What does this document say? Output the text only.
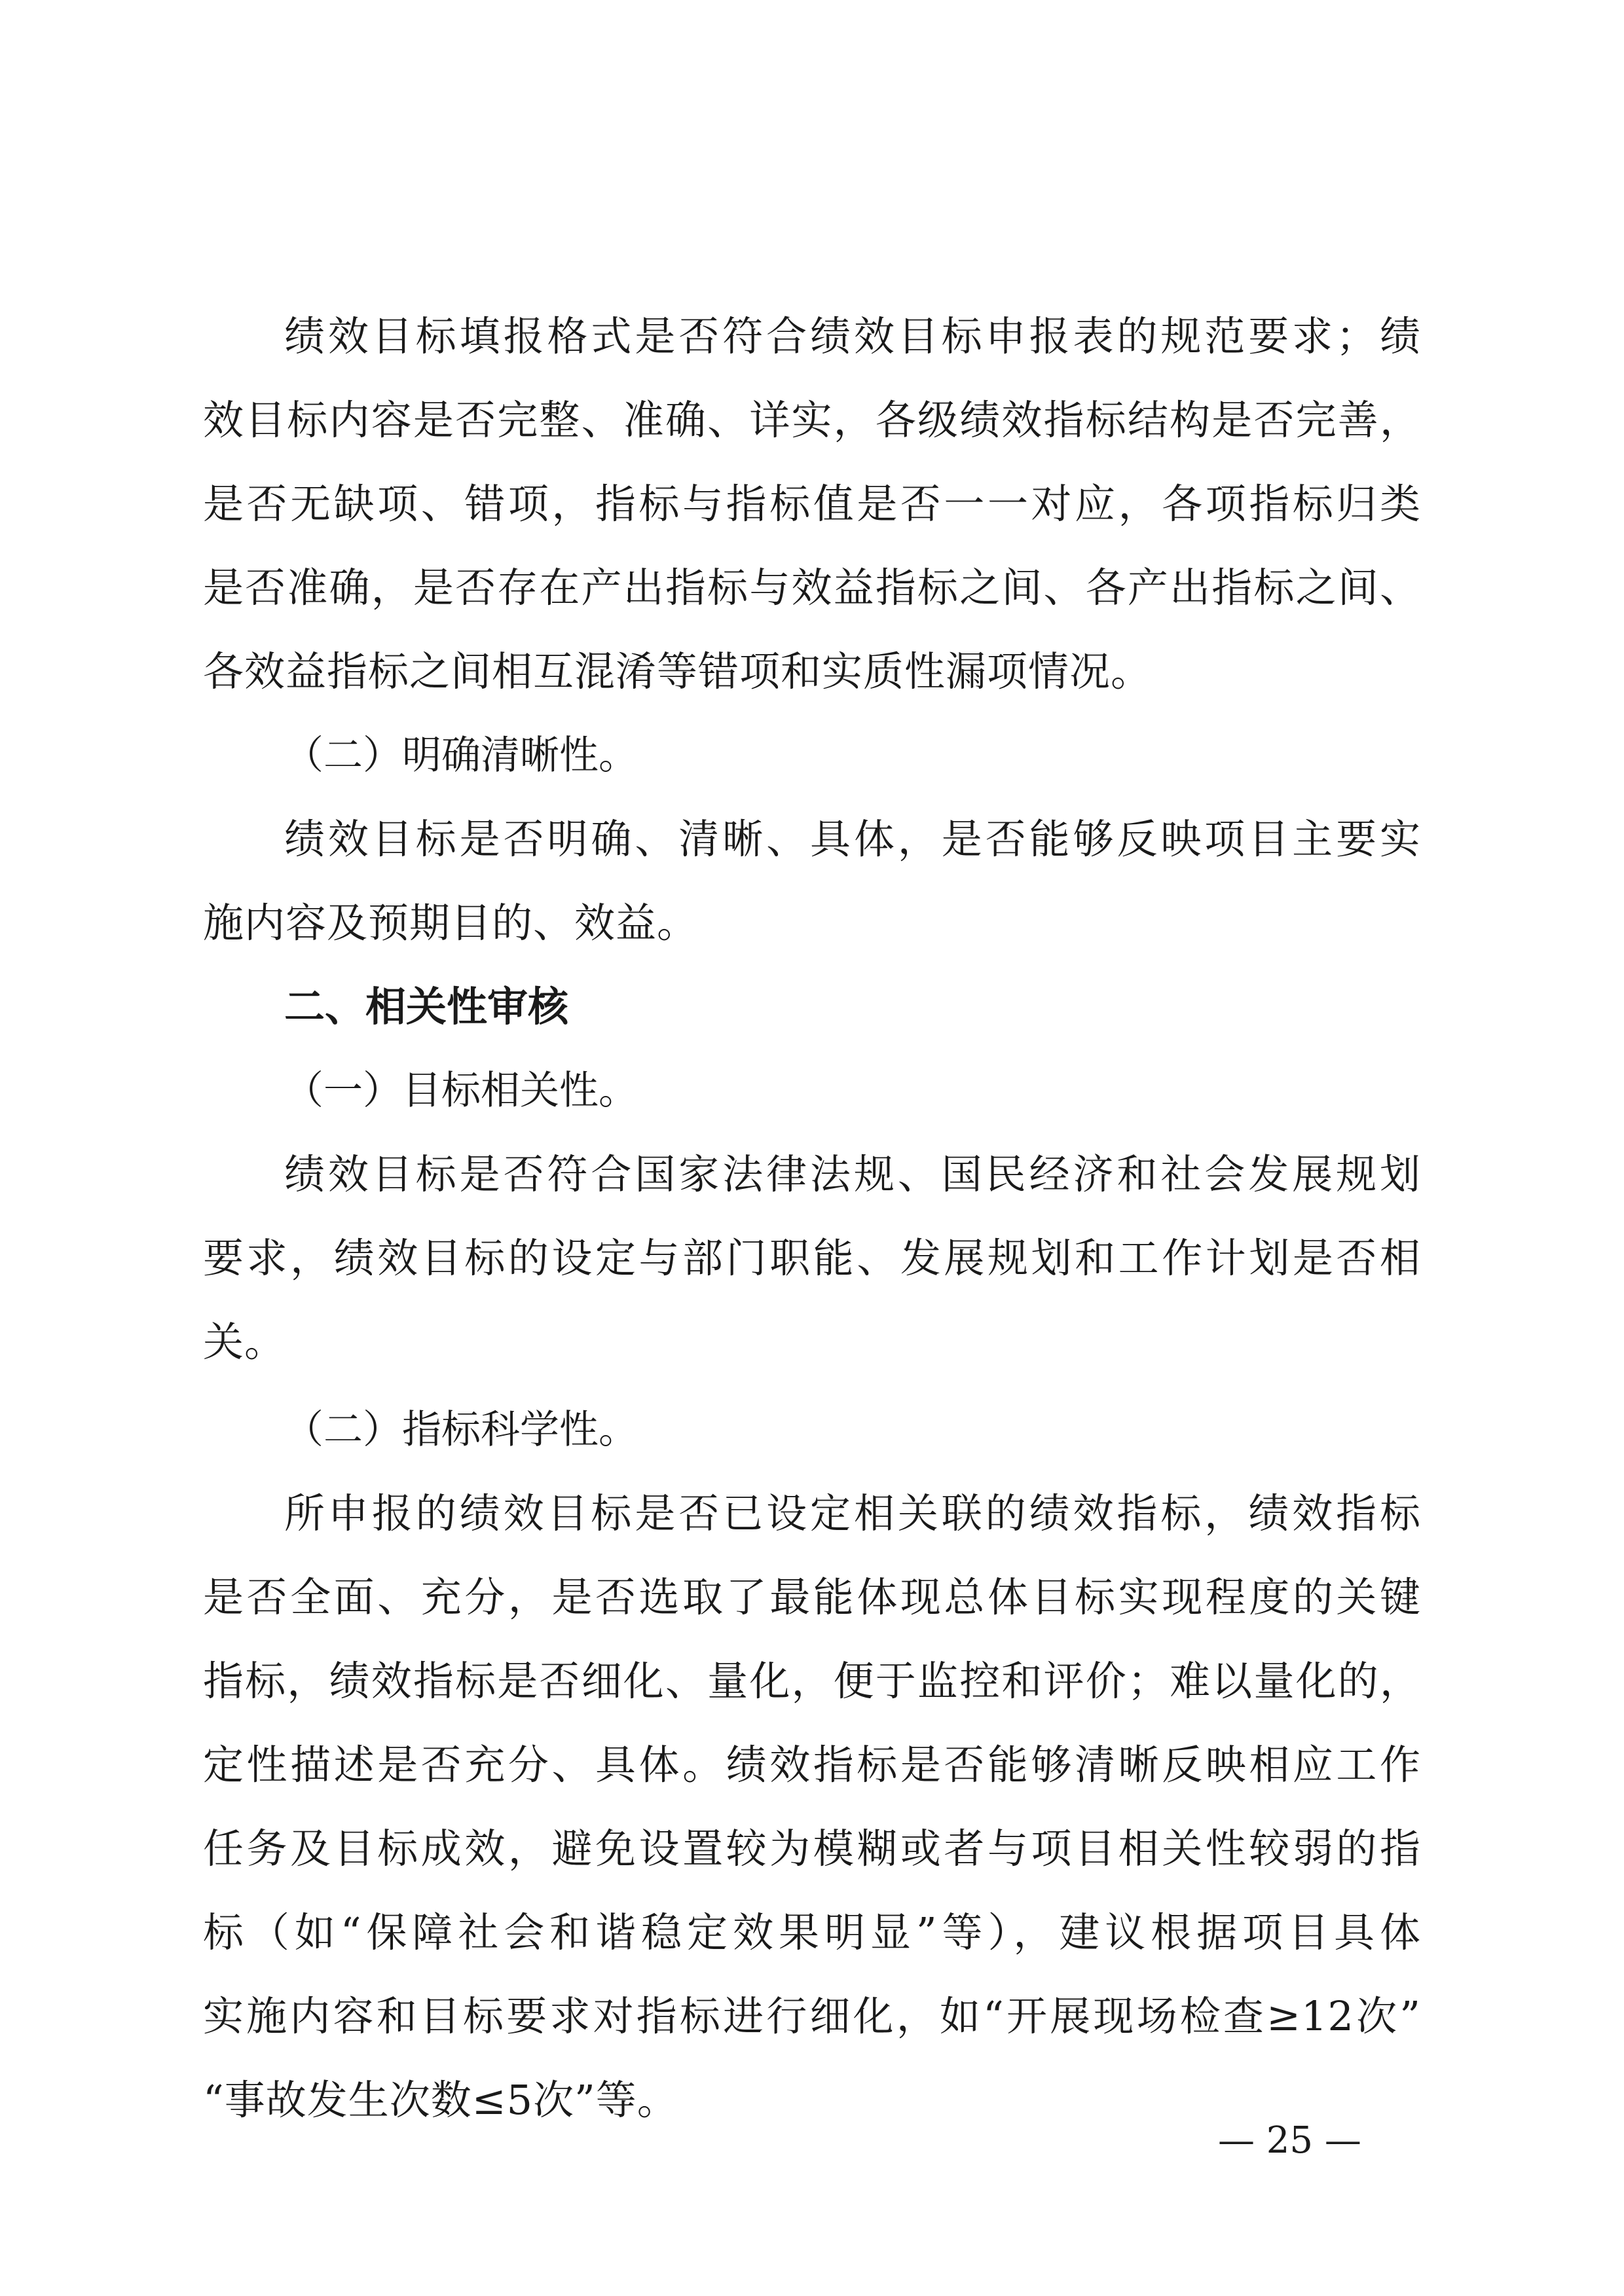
绩效目标填报格式是否符合绩效目标申报表的规范要求；绩

效目标内容是否完整、准确、详实，各级绩效指标结构是否完善，

是否无缺项、错项，指标与指标值是否一一对应，各项指标归类

是否准确，是否存在产出指标与效益指标之间、各产出指标之间、

各效益指标之间相互混淆等错项和实质性漏项情况。

（二）明确清晰性。

绩效目标是否明确、清晰、具体，是否能够反映项目主要实

施内容及预期目的、效益。

二、相关性审核

（一）目标相关性。

绩效目标是否符合国家法律法规、国民经济和社会发展规划

要求，绩效目标的设定与部门职能、发展规划和工作计划是否相

关。

（二）指标科学性。

所申报的绩效目标是否已设定相关联的绩效指标，绩效指标

是否全面、充分，是否选取了最能体现总体目标实现程度的关键

指标，绩效指标是否细化、量化，便于监控和评价；难以量化的，

定性描述是否充分、具体。绩效指标是否能够清晰反映相应工作

任务及目标成效，避免设置较为模糊或者与项目相关性较弱的指

标（如“保障社会和谐稳定效果明显”等），建议根据项目具体

实施内容和目标要求对指标进行细化，如“开展现场检查≥12次”

“事故发生次数≤5次”等。

— 25 —
